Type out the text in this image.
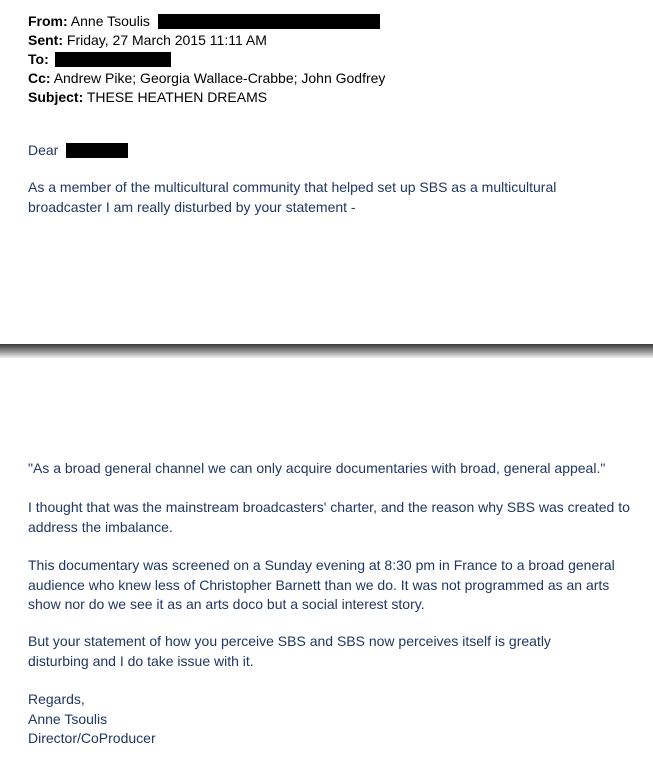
From: Anne Tsoulis
Sent: Friday, 27 March 2015 11:11 AM
To:
Cc: Andrew Pike; Georgia Wallace-Crabbe; John Godfrey
Subject: THESE HEATHEN DREAMS
Dear

As a member of the multicultural community that helped set up SBS as a multicultural broadcaster I am really disturbed by your statement -

"As a broad general channel we can only acquire documentaries with broad, general appeal."

I thought that was the mainstream broadcasters' charter, and the reason why SBS was created to address the imbalance.

This documentary was screened on a Sunday evening at 8:30 pm in France to a broad general audience who knew less of Christopher Barnett than we do. It was not programmed as an arts show nor do we see it as an arts doco but a social interest story.

But your statement of how you perceive SBS and SBS now perceives itself is greatly disturbing and I do take issue with it.

Regards,
Anne Tsoulis
Director/CoProducer
